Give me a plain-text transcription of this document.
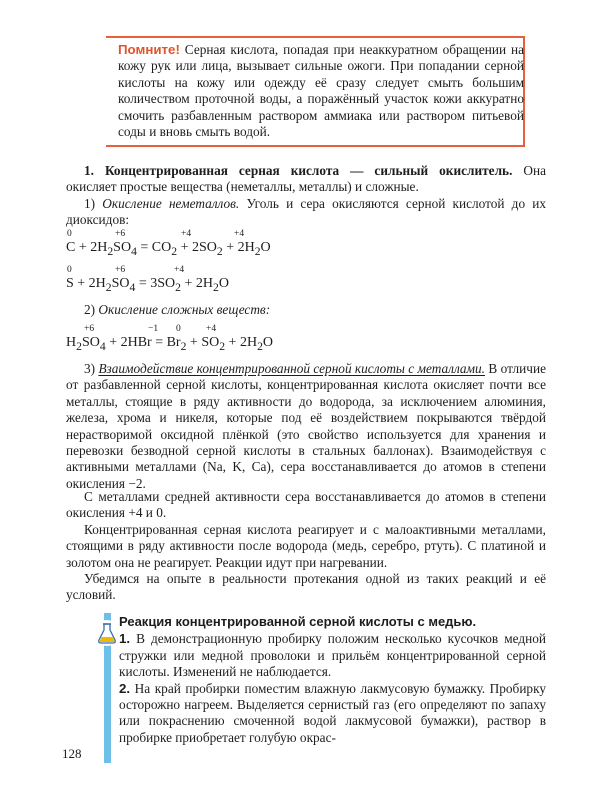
Помните! Серная кислота, попадая при неаккуратном обращении на кожу рук или лица, вызывает сильные ожоги. При попадании серной кислоты на кожу или одежду её сразу следует смыть большим количеством проточной воды, а поражённый участок кожи аккуратно смочить разбавленным раствором аммиака или раствором питьевой соды и вновь смыть водой.

1. Концентрированная серная кислота — сильный окислитель. Она окисляет простые вещества (неметаллы, металлы) и сложные.

1) Окисление неметаллов. Уголь и сера окисляются серной кислотой до их диоксидов:

0	+6	+4	+4
$C + 2H_2SO_4 = CO_2 + 2SO_2 + 2H_2O$
0	+6	+4
$S + 2H_2SO_4 = 3SO_2 + 2H_2O$

2) Окисление сложных веществ:

+6	−1 0	+4
$H_2SO_4 + 2HBr = Br_2 + SO_2 + 2H_2O$

3) Взаимодействие концентрированной серной кислоты с металлами. В отличие от разбавленной серной кислоты, концентрированная кислота окисляет почти все металлы, стоящие в ряду активности до водорода, за исключением алюминия, железа, хрома и никеля, которые под её воздействием покрываются твёрдой нерастворимой оксидной плёнкой (это свойство используется для хранения и перевозки безводной серной кислоты в стальных баллонах). Взаимодействуя с активными металлами (Na, K, Ca), сера восстанавливается до атомов в степени окисления −2.

С металлами средней активности сера восстанавливается до атомов в степени окисления +4 и 0.

Концентрированная серная кислота реагирует и с малоактивными металлами, стоящими в ряду активности после водорода (медь, серебро, ртуть). С платиной и золотом она не реагирует. Реакции идут при нагревании.

Убедимся на опыте в реальности протекания одной из таких реакций и её условий.

Реакция концентрированной серной кислоты с медью.

1. В демонстрационную пробирку положим несколько кусочков медной стружки или медной проволоки и прильём концентрированной серной кислоты. Изменений не наблюдается.

2. На край пробирки поместим влажную лакмусовую бумажку. Пробирку осторожно нагреем. Выделяется сернистый газ (его определяют по запаху или покраснению смоченной водой лакмусовой бумажки), раствор в пробирке приобретает голубую окрас-

128
